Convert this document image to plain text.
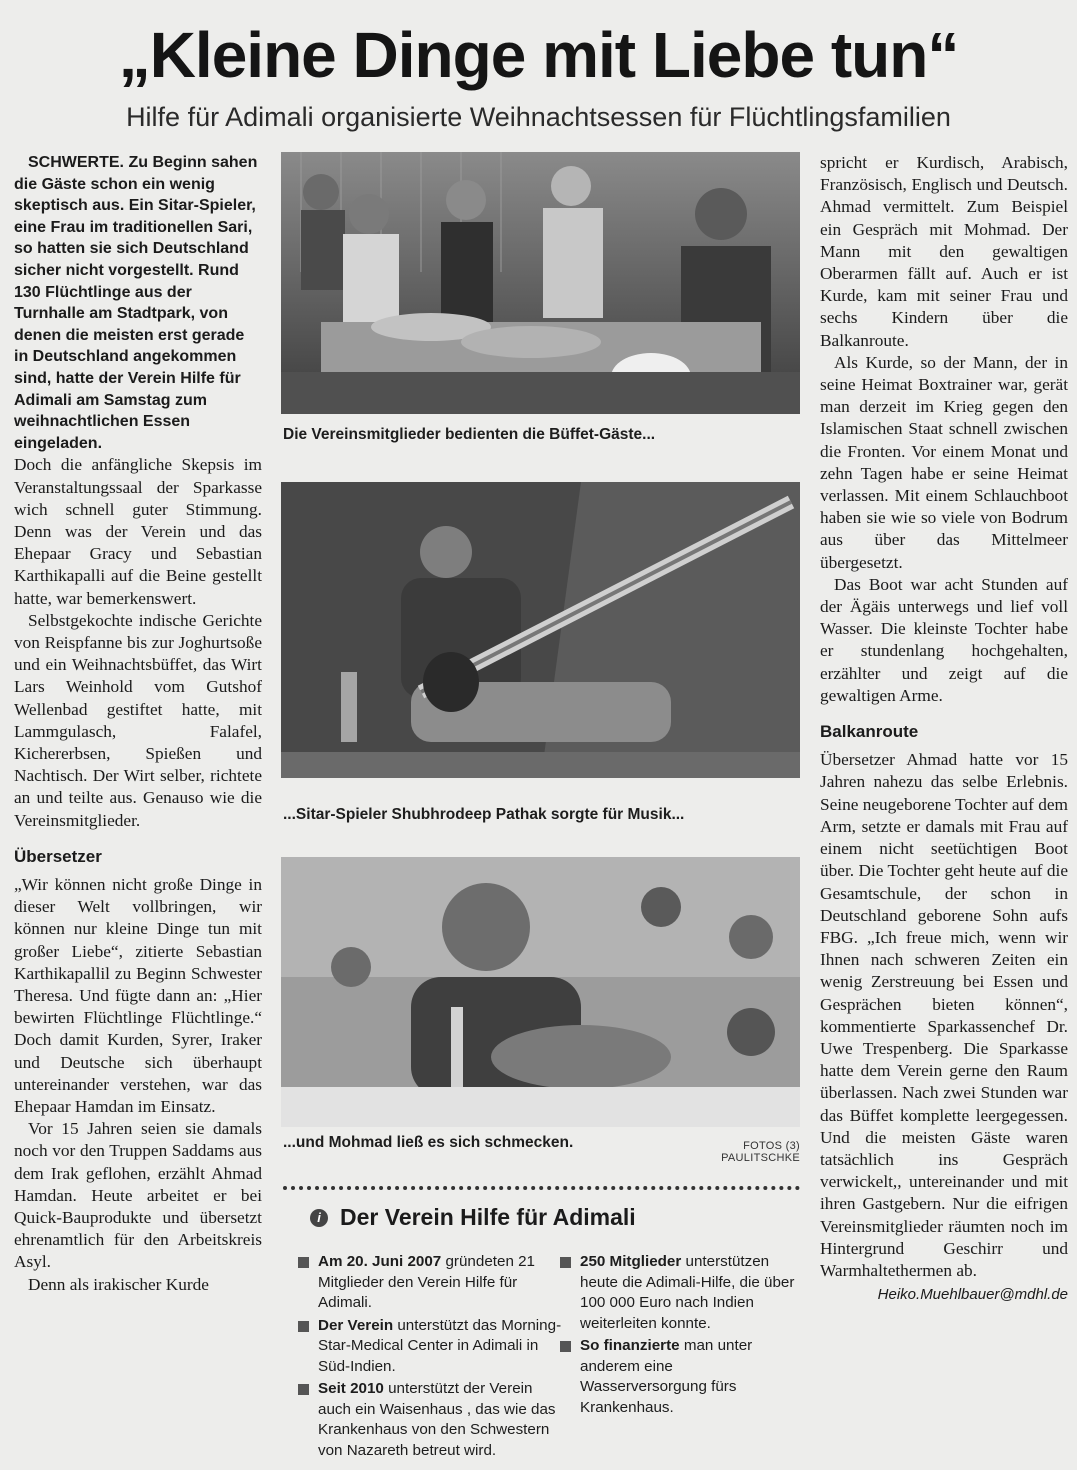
„Kleine Dinge mit Liebe tun“
Hilfe für Adimali organisierte Weihnachtsessen für Flüchtlingsfamilien

SCHWERTE. Zu Beginn sahen die Gäste schon ein wenig skeptisch aus. Ein Sitar-Spieler, eine Frau im traditionellen Sari, so hatten sie sich Deutschland sicher nicht vorgestellt. Rund 130 Flüchtlinge aus der Turnhalle am Stadtpark, von denen die meisten erst gerade in Deutschland angekommen sind, hatte der Verein Hilfe für Adimali am Samstag zum weihnachtlichen Essen eingeladen.

Doch die anfängliche Skepsis im Veranstaltungssaal der Sparkasse wich schnell guter Stimmung. Denn was der Verein und das Ehepaar Gracy und Sebastian Karthikapalli auf die Beine gestellt hatte, war bemerkenswert.

Selbstgekochte indische Gerichte von Reispfanne bis zur Joghurtsoße und ein Weihnachtsbüffet, das Wirt Lars Weinhold vom Gutshof Wellenbad gestiftet hatte, mit Lammgulasch, Falafel, Kichererbsen, Spießen und Nachtisch. Der Wirt selber, richtete an und teilte aus. Genauso wie die Vereinsmitglieder.

Übersetzer

„Wir können nicht große Dinge in dieser Welt vollbringen, wir können nur kleine Dinge tun mit großer Liebe“, zitierte Sebastian Karthikapallil zu Beginn Schwester Theresa. Und fügte dann an: „Hier bewirten Flüchtlinge Flüchtlinge.“ Doch damit Kurden, Syrer, Iraker und Deutsche sich überhaupt untereinander verstehen, war das Ehepaar Hamdan im Einsatz.

Vor 15 Jahren seien sie damals noch vor den Truppen Saddams aus dem Irak geflohen, erzählt Ahmad Hamdan. Heute arbeitet er bei Quick-Bauprodukte und übersetzt ehrenamtlich für den Arbeitskreis Asyl.

Denn als irakischer Kurde

Die Vereinsmitglieder bedienten die Büffet-Gäste...
...Sitar-Spieler Shubhrodeep Pathak sorgte für Musik...
...und Mohmad ließ es sich schmecken.	FOTOS (3) PAULITSCHKE
i Der Verein Hilfe für Adimali
Am 20. Juni 2007 gründeten 21 Mitglieder den Verein Hilfe für Adimali.
Der Verein unterstützt das Morning-Star-Medical Center in Adimali in Süd-Indien.
Seit 2010 unterstützt der Verein auch ein Waisenhaus , das wie das Krankenhaus von den Schwestern von Nazareth betreut wird.
250 Mitglieder unterstützen heute die Adimali-Hilfe, die über 100 000 Euro nach Indien weiterleiten konnte.
So finanzierte man unter anderem eine Wasserversorgung fürs Krankenhaus.

spricht er Kurdisch, Arabisch, Französisch, Englisch und Deutsch. Ahmad vermittelt. Zum Beispiel ein Gespräch mit Mohmad. Der Mann mit den gewaltigen Oberarmen fällt auf. Auch er ist Kurde, kam mit seiner Frau und sechs Kindern über die Balkanroute.

Als Kurde, so der Mann, der in seine Heimat Boxtrainer war, gerät man derzeit im Krieg gegen den Islamischen Staat schnell zwischen die Fronten. Vor einem Monat und zehn Tagen habe er seine Heimat verlassen. Mit einem Schlauchboot haben sie wie so viele von Bodrum aus über das Mittelmeer übergesetzt.

Das Boot war acht Stunden auf der Ägäis unterwegs und lief voll Wasser. Die kleinste Tochter habe er stundenlang hochgehalten, erzählter und zeigt auf die gewaltigen Arme.

Balkanroute

Übersetzer Ahmad hatte vor 15 Jahren nahezu das selbe Erlebnis. Seine neugeborene Tochter auf dem Arm, setzte er damals mit Frau auf einem nicht seetüchtigen Boot über. Die Tochter geht heute auf die Gesamtschule, der schon in Deutschland geborene Sohn aufs FBG. „Ich freue mich, wenn wir Ihnen nach schweren Zeiten ein wenig Zerstreuung bei Essen und Gesprächen bieten können“, kommentierte Sparkassenchef Dr. Uwe Trespenberg. Die Sparkasse hatte dem Verein gerne den Raum überlassen. Nach zwei Stunden war das Büffet komplette leergegessen. Und die meisten Gäste waren tatsächlich ins Gespräch verwickelt,, untereinander und mit ihren Gastgebern. Nur die eifrigen Vereinsmitglieder räumten noch im Hintergrund Geschirr und Warmhaltethermen ab.

Heiko.Muehlbauer@mdhl.de
